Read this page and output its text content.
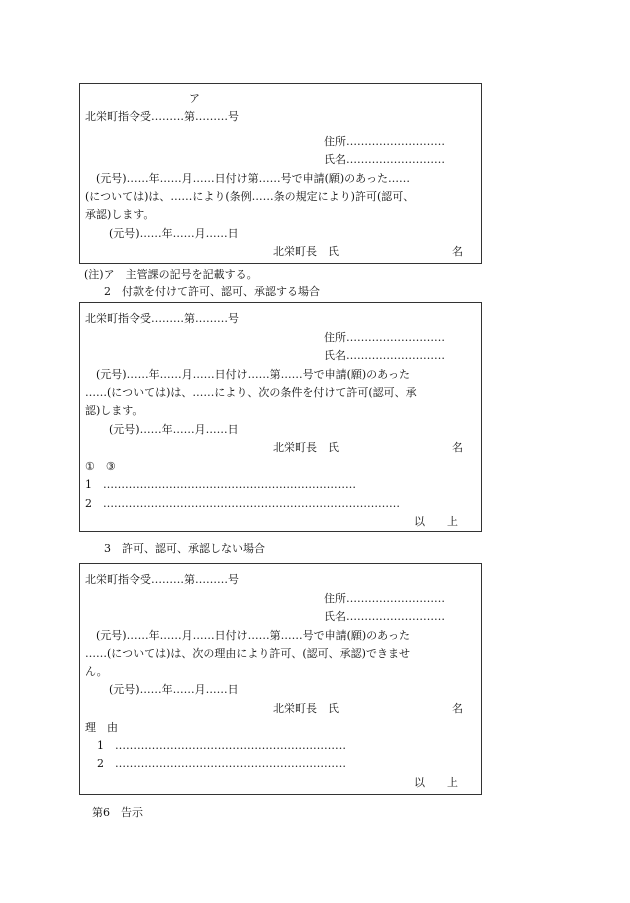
ア
北栄町指令受………第………号
住所………………………
氏名………………………
(元号)……年……月……日付け第……号で申請(願)のあった……
(については)は、……により(条例……条の規定により)許可(認可、
承認)します。
(元号)……年……月……日
北栄町長　氏	名
(注)ア　主管課の記号を記載する。
2　付款を付けて許可、認可、承認する場合
北栄町指令受………第………号
住所………………………
氏名………………………
(元号)……年……月……日付け……第……号で申請(願)のあった
……(については)は、……により、次の条件を付けて許可(認可、承
認)します。
(元号)……年……月……日
北栄町長　氏	名
①　③
1　……………………………………………………………
2　………………………………………………………………………
以　　上
3　許可、認可、承認しない場合
北栄町指令受………第………号
住所………………………
氏名………………………
(元号)……年……月……日付け……第……号で申請(願)のあった
……(については)は、次の理由により許可、(認可、承認)できませ
ん。
(元号)……年……月……日
北栄町長　氏	名
理　由
1　………………………………………………………
2　………………………………………………………
以　　上
第6　告示
